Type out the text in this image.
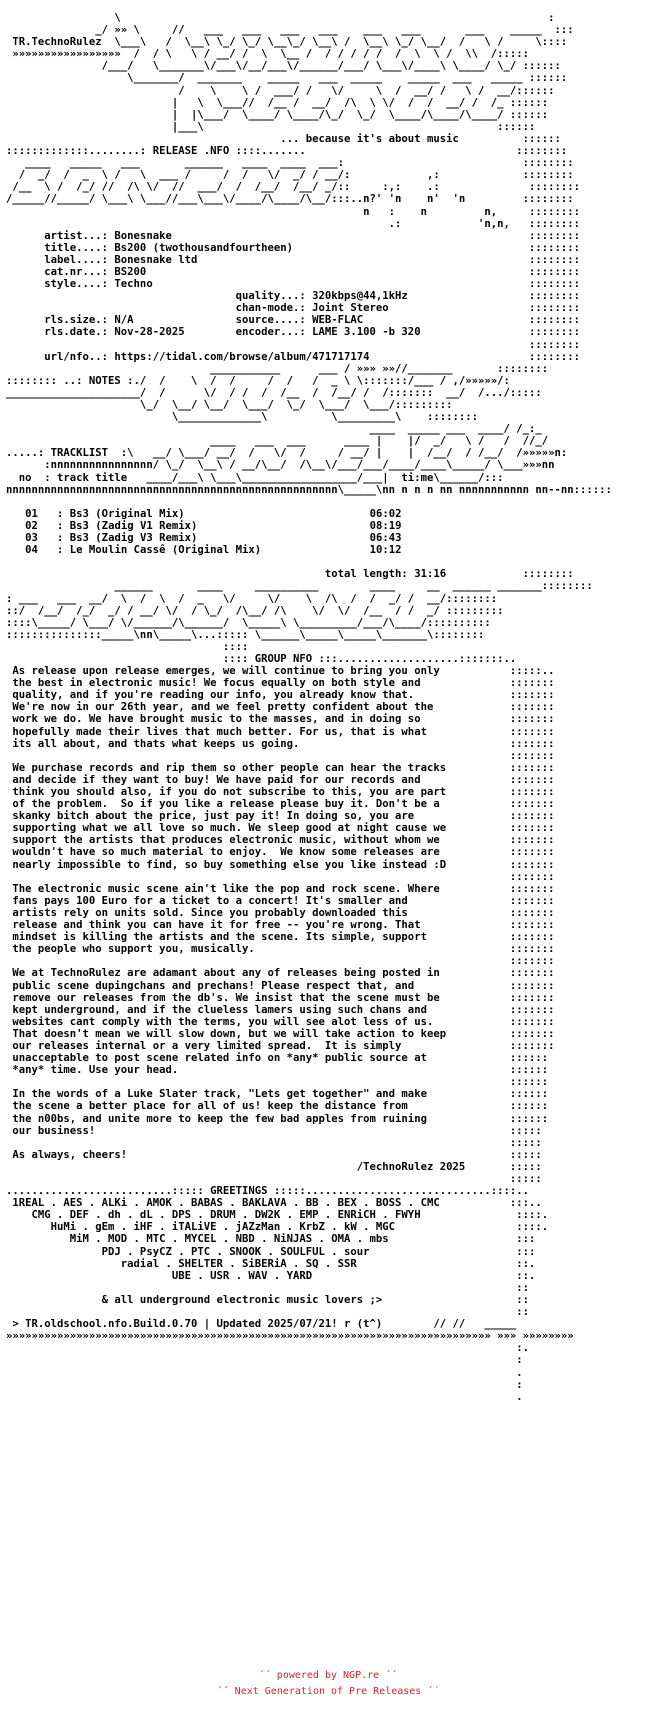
\                                                                   :
_/ »» \     //   ___   ___   ___   ___    ___   ___       ___    _____  :::
TR.TechnoRulez  \___\   /  \__\ \_/ \_/ \__\_/ \__\ /  \__\ \_/ \__/  /   \ /     \::::
»»»»»»»»»»»»»»»»»  /  / \   \ / __/ /  \  \__ /  / / / / /  /  \  \ /  \\  /:::::
/___/   \_______\/___\/__/___\/______/___/ \___\/____\ \____/ \_/ ::::::
\_______/  _______    _____   ___  _____    _____  ___   _____ ::::::
/    \    \ /  ___/ /   \/     \  /  __/ /   \ /  __/::::::
|   \  \___//  /__ /  __/  /\  \ \/  /  /  __/ /  /_ ::::::
|  |\___/  \____/ \____/\_/  \_/  \____/\____/\____/ ::::::
|___\                                              ::::::
... because it's about music          ::::::
:::::::::::::........: RELEASE .NFO ::::.......                                 ::::::::
____   _____   ___       ______   ____  ____  ___:                            ::::::::
/  _/  /  _  \ /   \  ___ /     /  /   \/  _/ / __/:            ,:             ::::::::
/__  \ /  /_/ //  /\ \/  //  ___/  /  /__/  /__/ _/::     :,:    .:              ::::::::
/_____//_____/ \___\ \___//___\___\/____/\____/\__/:::..n?' 'n    n'  'n         ::::::::
n   :    n         n,     ::::::::
.:            'n,n,   ::::::::
artist...: Bonesnake                                                        ::::::::
title....: Bs200 (twothousandfourtheen)                                     ::::::::
label....: Bonesnake ltd                                                    ::::::::
cat.nr...: BS200                                                            ::::::::
style....: Techno                                                           ::::::::
quality...: 320kbps@44,1kHz                   ::::::::
chan-mode.: Joint Stereo                      ::::::::
rls.size.: N/A                source....: WEB-FLAC                          ::::::::
rls.date.: Nov-28-2025        encoder...: LAME 3.100 -b 320                 ::::::::
::::::::
url/nfo..: https://tidal.com/browse/album/471717174                         ::::::::
___________      ___ / »»» »»//_______       ::::::::
:::::::: ..: NOTES :./  /    \  /  /     /  /   /  _ \ \:::::::/___ / ,/»»»»»/:
_____________________/  /      \/  / /  /  /__  /  /__/ /  /:::::::  __/  /.../:::::
\_/  \__/ \__/  \___/  \_/  \___/  \___/:::::::::
\_____________\          \_________\    ::::::::
____  _____ ___  ____/ /_:_
____   ___  ___      ____ |    |/  _/   \ /   /  //_/
.....: TRACKLIST  :\   __/ \___/ __/  /   \/  /     / __/ |    |  /__/  / /__/  /»»»»»n:
:nnnnnnnnnnnnnnnn/ \_/  \__\ / __/\__/  /\__\/___/___/____/____\_____/ \___»»»nn
no  : track title   ____/___\ \___\__________________/___|  ti:me\______/:::
nnnnnnnnnnnnnnnnnnnnnnnnnnnnnnnnnnnnnnnnnnnnnnnnnnnn\_____\nn n n n nn nnnnnnnnnnn nn--nn::::::

01   : Bs3 (Original Mix)	06:02
02   : Bs3 (Zadig V1 Remix)	08:19
03   : Bs3 (Zadig V3 Remix)	06:43
04   : Le Moulin Cassê (Original Mix)	10:12

total length: 31:16            ::::::::
______       ____     __________        ____     __  ______ _______::::::::
: ___   ___  __/  \  /  \  /  _   \/     \/    \  /\  /  /  _/ /  __/::::::::
::/  /__/  /_/  _/ / __/ \/  / \_/  /\__/ /\    \/  \/  /__  / /  _/ :::::::::
::::\_____/ \___/ \/______/\______/  \_____\ \_________/___/\____/::::::::::
:::::::::::::::_____\nn\_____\...::::: \______\_____\_____\_______\::::::::
::::
:::: GROUP NFO :::...................:::::::..
As release upon release emerges, we will continue to bring you only           :::::..
the best in electronic music! We focus equally on both style and              :::::::
quality, and if you're reading our info, you already know that.               :::::::
We're now in our 26th year, and we feel pretty confident about the            :::::::
work we do. We have brought music to the masses, and in doing so              :::::::
hopefully made their lives that much better. For us, that is what             :::::::
its all about, and thats what keeps us going.                                 :::::::
:::::::
We purchase records and rip them so other people can hear the tracks          :::::::
and decide if they want to buy! We have paid for our records and              :::::::
think you should also, if you do not subscribe to this, you are part          :::::::
of the problem.  So if you like a release please buy it. Don't be a           :::::::
skanky bitch about the price, just pay it! In doing so, you are               :::::::
supporting what we all love so much. We sleep good at night cause we          :::::::
support the artists that produces electronic music, without whom we           :::::::
wouldn't have so much material to enjoy.  We know some releases are           :::::::
nearly impossible to find, so buy something else you like instead :D          :::::::
:::::::
The electronic music scene ain't like the pop and rock scene. Where           :::::::
fans pays 100 Euro for a ticket to a concert! It's smaller and                :::::::
artists rely on units sold. Since you probably downloaded this                :::::::
release and think you can have it for free -- you're wrong. That              :::::::
mindset is killing the artists and the scene. Its simple, support             :::::::
the people who support you, musically.                                        :::::::
:::::::
We at TechnoRulez are adamant about any of releases being posted in           :::::::
public scene dupingchans and prechans! Please respect that, and               :::::::
remove our releases from the db's. We insist that the scene must be           :::::::
kept underground, and if the clueless lamers using such chans and             :::::::
websites cant comply with the terms, you will see alot less of us.            :::::::
That doesn't mean we will slow down, but we will take action to keep          :::::::
our releases internal or a very limited spread.  It is simply                 :::::::
unacceptable to post scene related info on *any* public source at             ::::::
*any* time. Use your head.                                                    ::::::
::::::
In the words of a Luke Slater track, "Lets get together" and make             ::::::
the scene a better place for all of us! keep the distance from                ::::::
the n00bs, and unite more to keep the few bad apples from ruining             ::::::
our business!                                                                 :::::
:::::
As always, cheers!                                                            :::::
/TechnoRulez 2025       :::::
:::::
..........................::::: GREETINGS :::::.............................::::..
1REAL . AES . ALKi . AMOK . BABAS . BAKLAVA . BB . BEX . BOSS . CMC           :::..
CMG . DEF . dh . dL . DPS . DRUM . DW2K . EMP . ENRiCH . FWYH               ::::.
HuMi . gEm . iHF . iTALiVE . jAZzMan . KrbZ . kW . MGC                   ::::.
MiM . MOD . MTC . MYCEL . NBD . NiNJAS . OMA . mbs                    :::
PDJ . PsyCZ . PTC . SNOOK . SOULFUL . sour                       :::
radial . SHELTER . SiBERiA . SQ . SSR                         ::.
UBE . USR . WAV . YARD                                ::.
::
& all underground electronic music lovers ;>                     ::
::
> TR.oldschool.nfo.Build.0.70 | Updated 2025/07/21! r (t^)        // //   _____
»»»»»»»»»»»»»»»»»»»»»»»»»»»»»»»»»»»»»»»»»»»»»»»»»»»»»»»»»»»»»»»»»»»»»»»»»»»» »»» »»»»»»»»
:.
:
.
:
.
´´ powered by NGP.re ´´
´´ Next Generation of Pre Releases ´´
